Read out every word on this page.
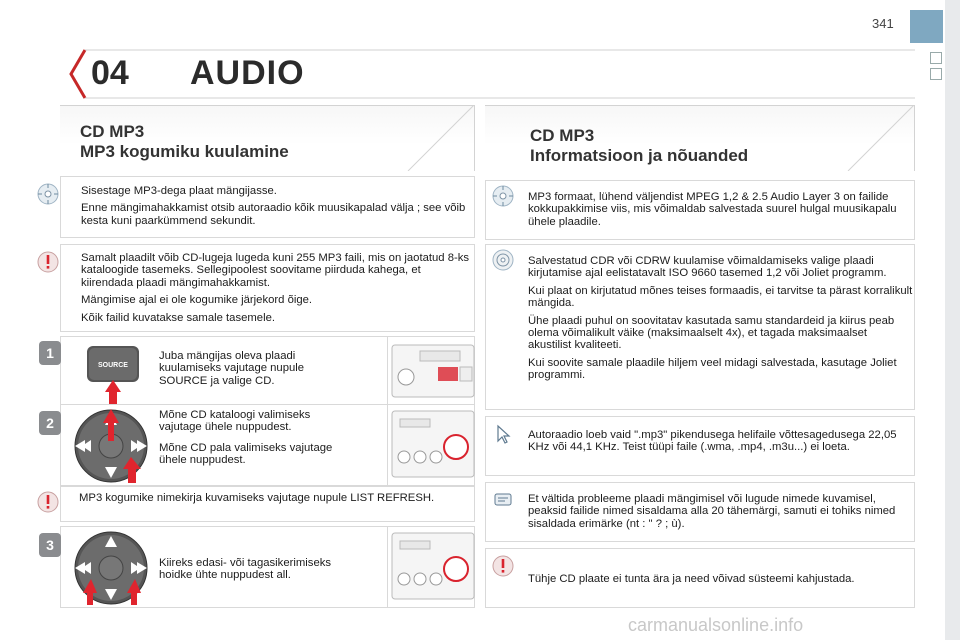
341
04 AUDIO
CD MP3
MP3 kogumiku kuulamine

Sisestage MP3-dega plaat mängijasse.

Enne mängimahakkamist otsib autoraadio kõik muusikapalad välja ; see võib kesta kuni paarkümmend sekundit.

Samalt plaadilt võib CD-lugeja lugeda kuni 255 MP3 faili, mis on jaotatud 8-ks kataloogide tasemeks. Sellegipoolest soovitame piirduda kahega, et kiirendada plaadi mängimahakkamist.

Mängimise ajal ei ole kogumike järjekord õige.

Kõik failid kuvatakse samale tasemele.

1
SOURCE
Juba mängijas oleva plaadi kuulamiseks vajutage nupule SOURCE ja valige CD.
2	Mõne CD kataloogi valimiseks vajutage ühele nuppudest.

Mõne CD pala valimiseks vajutage ühele nuppudest.

MP3 kogumike nimekirja kuvamiseks vajutage nupule LIST REFRESH.
3
Kiireks edasi- või tagasikerimiseks hoidke ühte nuppudest all.
CD MP3
Informatsioon ja nõuanded
MP3 formaat, lühend väljendist MPEG 1,2 & 2.5 Audio Layer 3 on failide kokkupakkimise viis, mis võimaldab salvestada suurel hulgal muusikapalu ühele plaadile.

Salvestatud CDR või CDRW kuulamise võimaldamiseks valige plaadi kirjutamise ajal eelistatavalt ISO 9660 tasemed 1,2 või Joliet programm.

Kui plaat on kirjutatud mõnes teises formaadis, ei tarvitse ta pärast korralikult mängida.

Ühe plaadi puhul on soovitatav kasutada samu standardeid ja kiirus peab olema võimalikult väike (maksimaalselt 4x), et tagada maksimaalset akustilist kvaliteeti.

Kui soovite samale plaadile hiljem veel midagi salvestada, kasutage Joliet programmi.

Autoraadio loeb vaid ".mp3" pikendusega helifaile võttesagedusega 22,05 KHz või 44,1 KHz. Teist tüüpi faile (.wma, .mp4, .m3u...) ei loeta.
Et vältida probleeme plaadi mängimisel või lugude nimede kuvamisel, peaksid failide nimed sisaldama alla 20 tähemärgi, samuti ei tohiks nimed sisaldada erimärke (nt : " ? ; ù).
Tühje CD plaate ei tunta ära ja need võivad süsteemi kahjustada.
carmanualsonline.info
